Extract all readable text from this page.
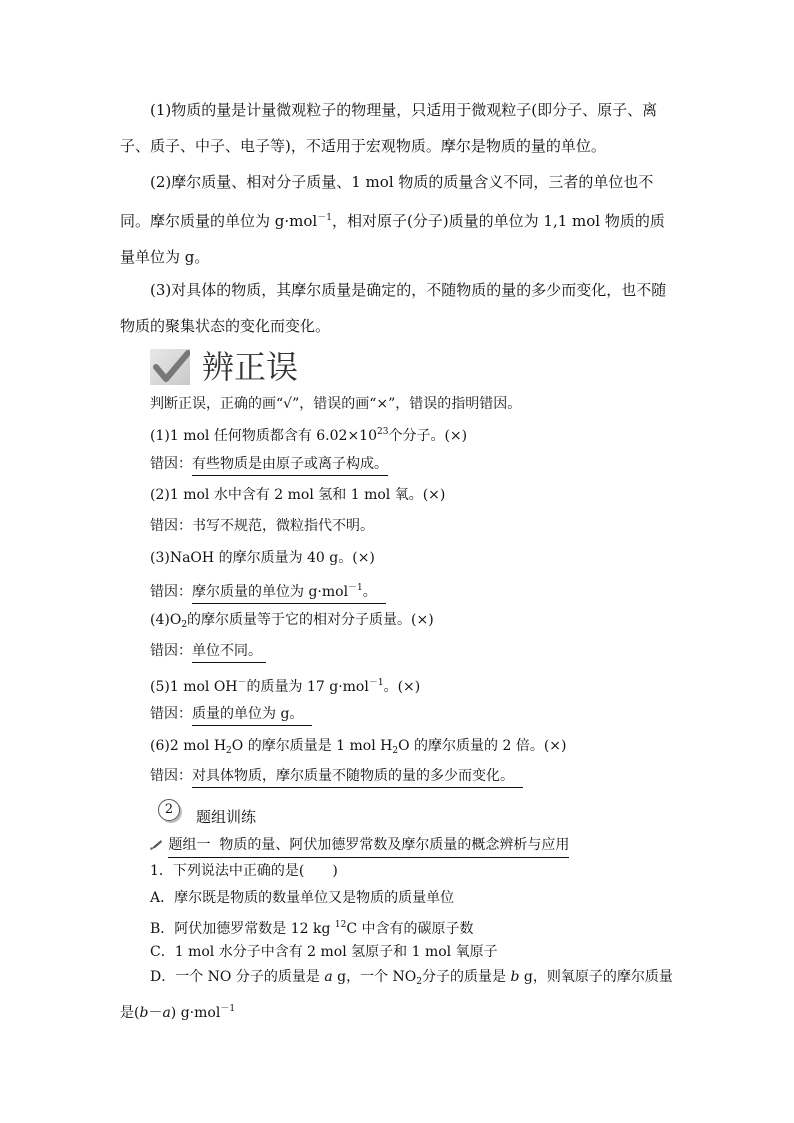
(1)物质的量是计量微观粒子的物理量，只适用于微观粒子(即分子、原子、离子、质子、中子、电子等)，不适用于宏观物质。摩尔是物质的量的单位。
(2)摩尔质量、相对分子质量、1 mol 物质的质量含义不同，三者的单位也不同。摩尔质量的单位为 g·mol$^{-1}$，相对原子(分子)质量的单位为 1,1 mol 物质的质量单位为 g。
(3)对具体的物质，其摩尔质量是确定的，不随物质的量的多少而变化，也不随物质的聚集状态的变化而变化。
辨正误
判断正误，正确的画“√”，错误的画“×”，错误的指明错因。
(1)1 mol 任何物质都含有 $6.02\times 10^{23}$个分子。(×)
错因：有些物质是由原子或离子构成。
(2)1 mol 水中含有 2 mol 氢和 1 mol 氧。(×)
错因：书写不规范，微粒指代不明。
(3)NaOH 的摩尔质量为 40 g。(×)
错因：摩尔质量的单位为 g·mol$^{-1}$。
$(4)O_2$的摩尔质量等于它的相对分子质量。(×)
错因：单位不同。
(5)1 mol OH－的质量为 17 g·mol$^{-1}$。(×)
错因：质量的单位为 g。
(6)2 mol $H_2O$ 的摩尔质量是 1 mol $H_2O$ 的摩尔质量的 2 倍。(×)
错因：对具体物质，摩尔质量不随物质的量的多少而变化。
2	题组训练
题组一 物质的量、阿伏加德罗常数及摩尔质量的概念辨析与应用
1．下列说法中正确的是(　　)
A．摩尔既是物质的数量单位又是物质的质量单位
B．阿伏加德罗常数是 12 kg $^{12}$C 中含有的碳原子数
C．1 mol 水分子中含有 2 mol 氢原子和 1 mol 氧原子
D．一个 NO 分子的质量是 a g，一个 $NO_2$分子的质量是 b g，则氧原子的摩尔质量是(b－a) g·mol$^{-1}$
